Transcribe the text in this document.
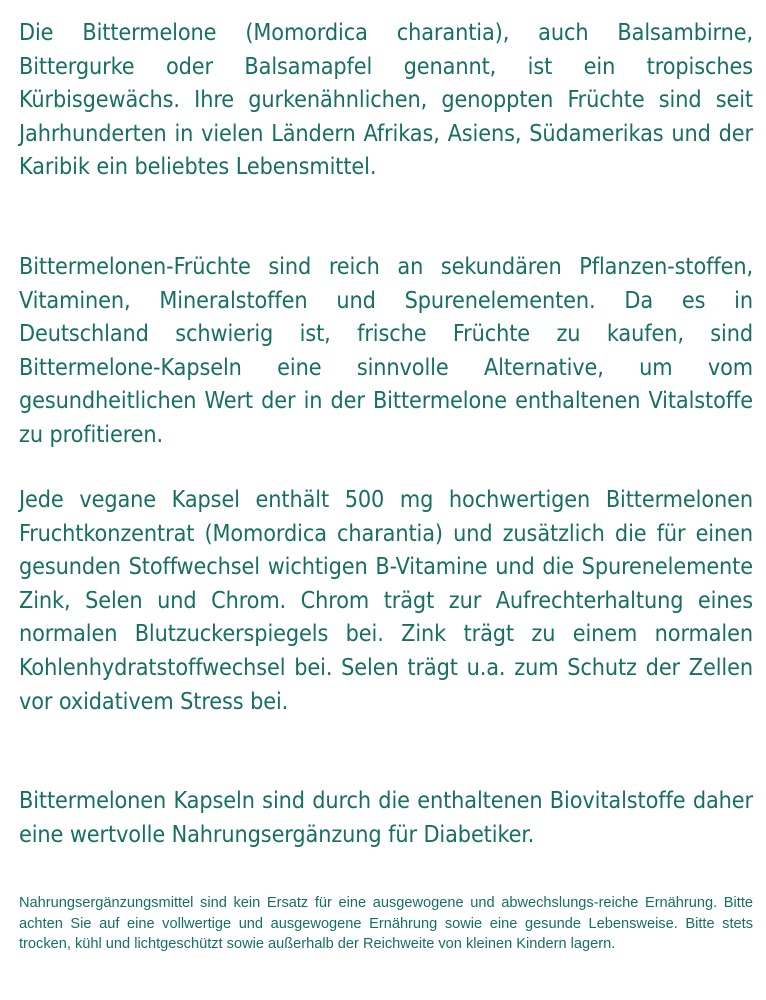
Die Bittermelone (Momordica charantia), auch Balsambirne, Bittergurke oder Balsamapfel genannt, ist ein tropisches Kürbisgewächs. Ihre gurkenähnlichen, genoppten Früchte sind seit Jahrhunderten in vielen Ländern Afrikas, Asiens, Südamerikas und der Karibik ein beliebtes Lebensmittel.

Bittermelonen-Früchte sind reich an sekundären Pflanzen-stoffen, Vitaminen, Mineralstoffen und Spurenelementen. Da es in Deutschland schwierig ist, frische Früchte zu kaufen, sind Bittermelone-Kapseln eine sinnvolle Alternative, um vom gesundheitlichen Wert der in der Bittermelone enthaltenen Vitalstoffe zu profitieren.

Jede vegane Kapsel enthält 500 mg hochwertigen Bittermelonen Fruchtkonzentrat (Momordica charantia) und zusätzlich die für einen gesunden Stoffwechsel wichtigen B-Vitamine und die Spurenelemente Zink, Selen und Chrom. Chrom trägt zur Aufrechterhaltung eines normalen Blutzuckerspiegels bei. Zink trägt zu einem normalen Kohlenhydratstoffwechsel bei. Selen trägt u.a. zum Schutz der Zellen vor oxidativem Stress bei.

Bittermelonen Kapseln sind durch die enthaltenen Biovitalstoffe daher eine wertvolle Nahrungsergänzung für Diabetiker.

Nahrungsergänzungsmittel sind kein Ersatz für eine ausgewogene und abwechslungs-reiche Ernährung. Bitte achten Sie auf eine vollwertige und ausgewogene Ernährung sowie eine gesunde Lebensweise. Bitte stets trocken, kühl und lichtgeschützt sowie außerhalb der Reichweite von kleinen Kindern lagern.
